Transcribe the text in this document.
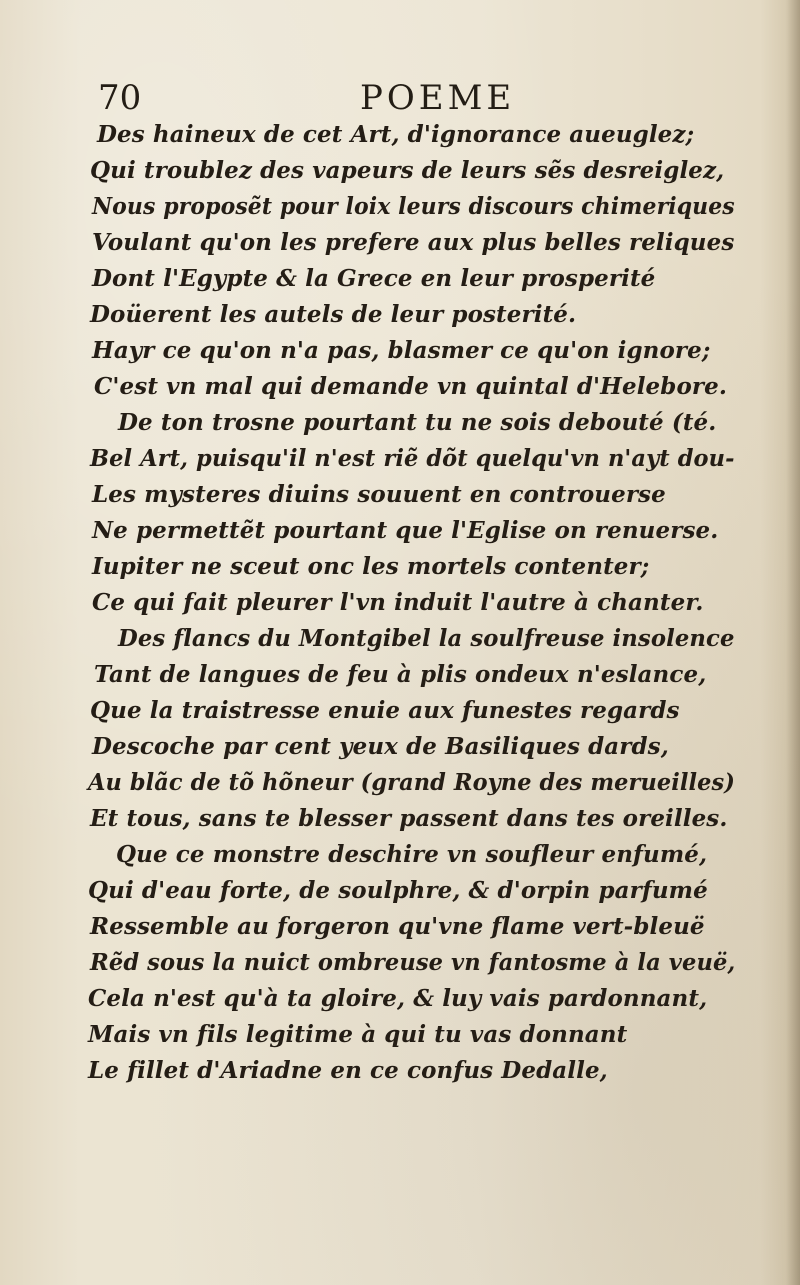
70	POEME
Des haineux de cet Art, d'ignorance aueuglez;
Qui troublez des vapeurs de leurs sẽs desreiglez,
Nous proposẽt pour loix leurs discours chimeriques
Voulant qu'on les prefere aux plus belles reliques
Dont l'Egypte & la Grece en leur prosperité
Doüerent les autels de leur posterité.
Hayr ce qu'on n'a pas, blasmer ce qu'on ignore;
C'est vn mal qui demande vn quintal d'Helebore.
De ton trosne pourtant tu ne sois debouté (té.
Bel Art, puisqu'il n'est riẽ dõt quelqu'vn n'ayt dou-
Les mysteres diuins souuent en controuerse
Ne permettẽt pourtant que l'Eglise on renuerse.
Iupiter ne sceut onc les mortels contenter;
Ce qui fait pleurer l'vn induit l'autre à chanter.
Des flancs du Montgibel la soulfreuse insolence
Tant de langues de feu à plis ondeux n'eslance,
Que la traistresse enuie aux funestes regards
Descoche par cent yeux de Basiliques dards,
Au blãc de tõ hõneur (grand Royne des merueilles)
Et tous, sans te blesser passent dans tes oreilles.
Que ce monstre deschire vn soufleur enfumé,
Qui d'eau forte, de soulphre, & d'orpin parfumé
Ressemble au forgeron qu'vne flame vert-bleuë
Rẽd sous la nuict ombreuse vn fantosme à la veuë,
Cela n'est qu'à ta gloire, & luy vais pardonnant,
Mais vn fils legitime à qui tu vas donnant
Le fillet d'Ariadne en ce confus Dedalle,
